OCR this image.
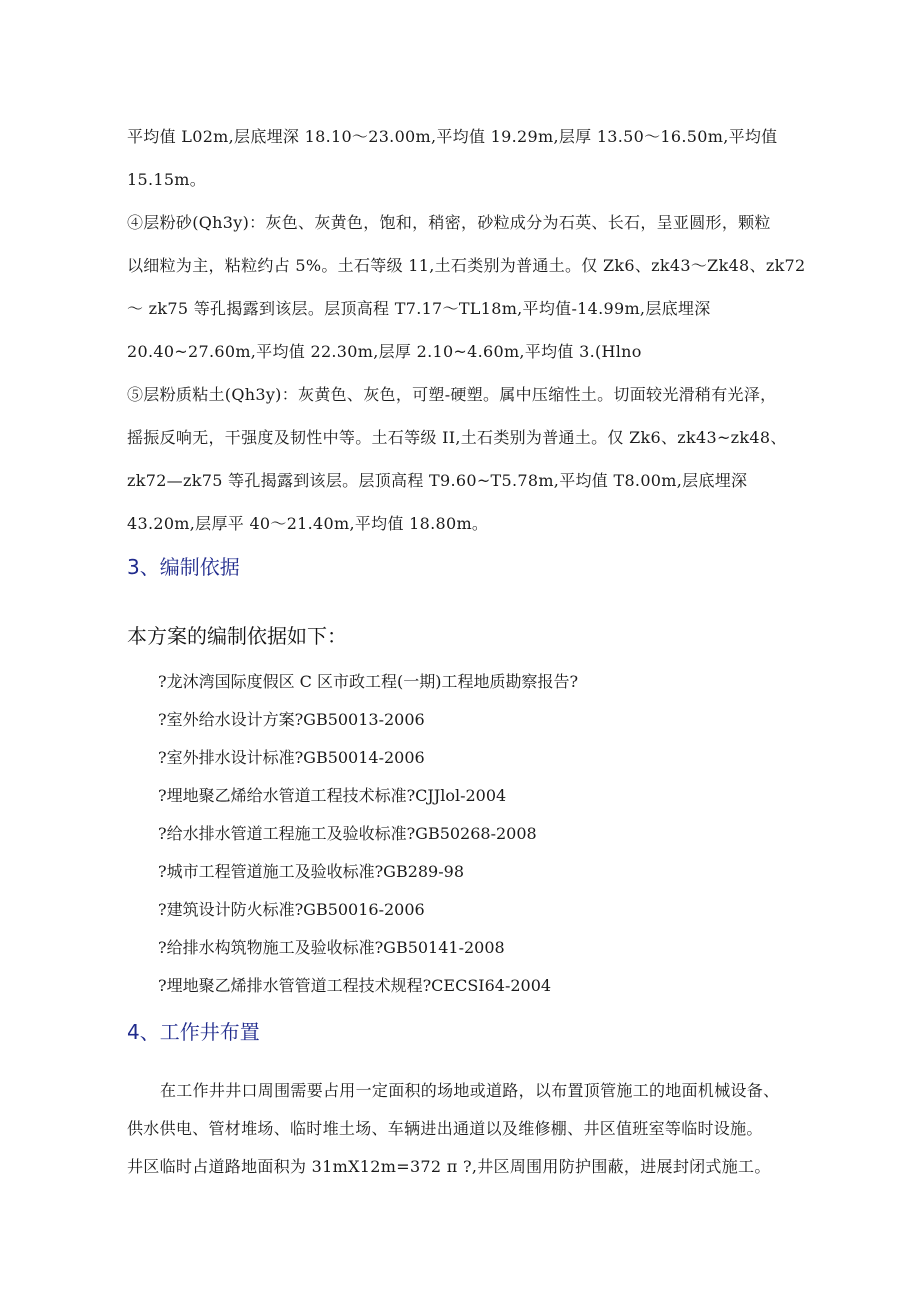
平均值 L02m,层底埋深 18.10～23.00m,平均值 19.29m,层厚 13.50～16.50m,平均值
15.15m。
④层粉砂(Qh3y)：灰色、灰黄色，饱和，稍密，砂粒成分为石英、长石，呈亚圆形，颗粒
以细粒为主，粘粒约占 5%。土石等级 11,土石类别为普通土。仅 Zk6、zk43～Zk48、zk72
～ zk75 等孔揭露到该层。层顶高程 T7.17～TL18m,平均值-14.99m,层底埋深
20.40~27.60m,平均值 22.30m,层厚 2.10~4.60m,平均值 3.(Hlno
⑤层粉质粘土(Qh3y)：灰黄色、灰色，可塑-硬塑。属中压缩性土。切面较光滑稍有光泽，
摇振反响无，干强度及韧性中等。土石等级 II,土石类别为普通土。仅 Zk6、zk43~zk48、
zk72—zk75 等孔揭露到该层。层顶高程 T9.60~T5.78m,平均值 T8.00m,层底埋深
43.20m,层厚平 40～21.40m,平均值 18.80m。
3、编制依据
本方案的编制依据如下：
?龙沐湾国际度假区 C 区市政工程(一期)工程地质勘察报告?
?室外给水设计方案?GB50013-2006
?室外排水设计标准?GB50014-2006
?埋地聚乙烯给水管道工程技术标准?CJJlol-2004
?给水排水管道工程施工及验收标准?GB50268-2008
?城市工程管道施工及验收标准?GB289-98
?建筑设计防火标准?GB50016-2006
?给排水构筑物施工及验收标准?GB50141-2008
?埋地聚乙烯排水管管道工程技术规程?CECSI64-2004
4、工作井布置
在工作井井口周围需要占用一定面积的场地或道路，以布置顶管施工的地面机械设备、
供水供电、管材堆场、临时堆土场、车辆进出通道以及维修棚、井区值班室等临时设施。
井区临时占道路地面积为 31mX12m=372 π ?,井区周围用防护围蔽，进展封闭式施工。
